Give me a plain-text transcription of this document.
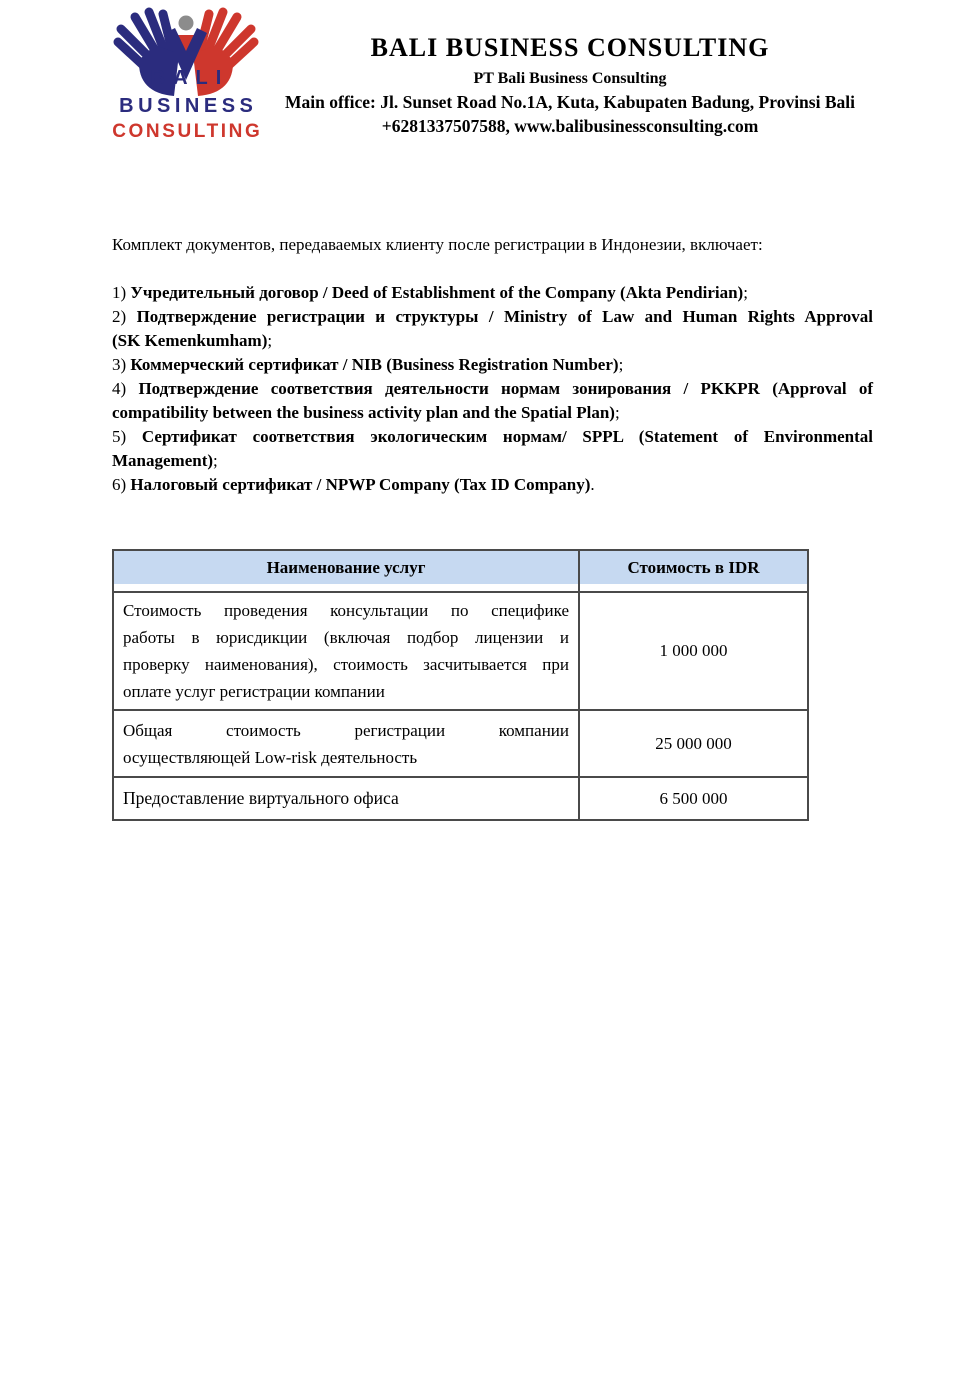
BALI
BUSINESS
CONSULTING
BALI BUSINESS CONSULTING
PT Bali Business Consulting
Main office: Jl. Sunset Road No.1A, Kuta, Kabupaten Badung, Provinsi Bali
+6281337507588, www.balibusinessconsulting.com

Комплект документов, передаваемых клиенту после регистрации в Индонезии, включает:

1) Учредительный договор / Deed of Establishment of the Company (Akta Pendirian);

2) Подтверждение регистрации и структуры / Ministry of Law and Human Rights Approval
(SK Kemenkumham);

3) Коммерческий сертификат / NIB (Business Registration Number);

4) Подтверждение соответствия деятельности нормам зонирования / PKKPR (Approval of
compatibility between the business activity plan and the Spatial Plan);

5) Сертификат соответствия экологическим нормам/ SPPL (Statement of Environmental
Management);

6) Налоговый сертификат / NPWP Company (Tax ID Company).

Наименование услуг	Стоимость в IDR

Стоимость проведения консультации по специфике
работы в юрисдикции (включая подбор лицензии и
проверку наименования), стоимость засчитывается при
оплате услуг регистрации компании	1 000 000

Общая стоимость регистрации компании
осуществляющей Low-risk деятельность	25 000 000

Предоставление виртуального офиса	6 500 000
